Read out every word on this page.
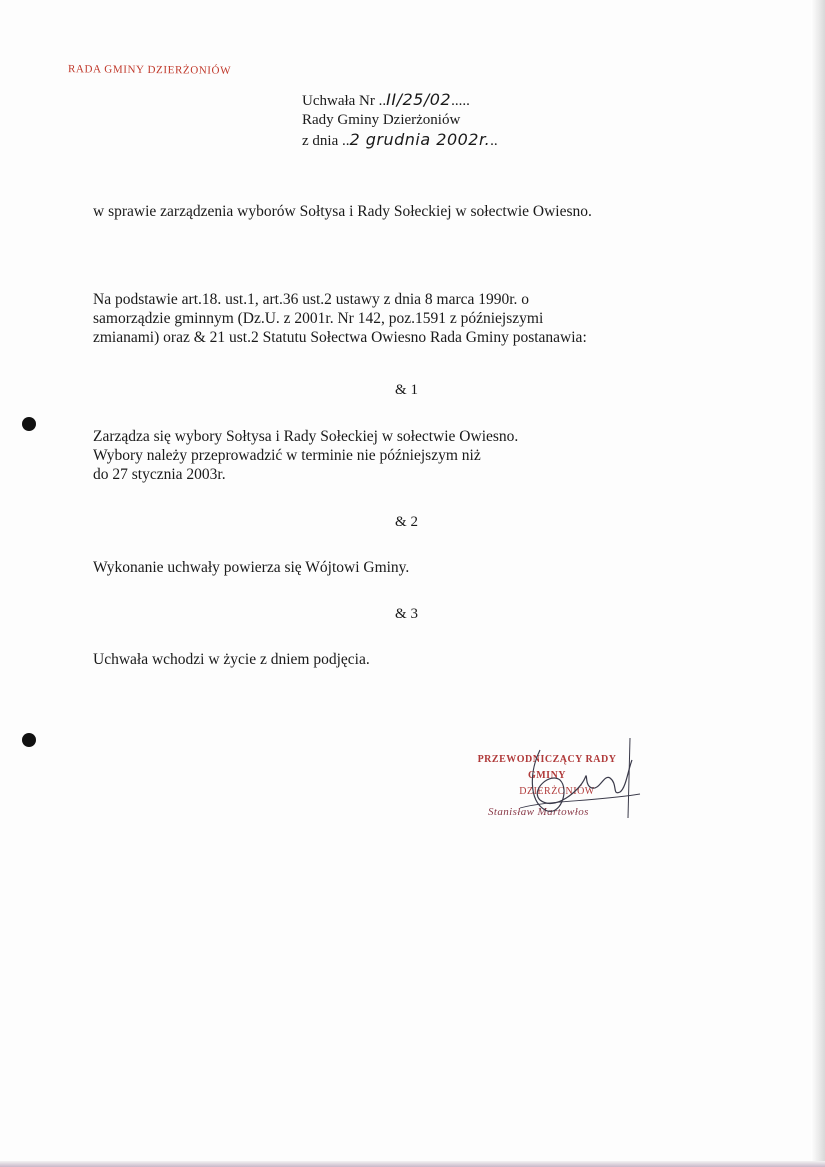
RADA GMINY DZIERŻONIÓW
Uchwała Nr ..II/25/02.....
Rady Gminy Dzierżoniów
z dnia ..2 grudnia 2002r...
w sprawie zarządzenia wyborów Sołtysa i Rady Sołeckiej w sołectwie Owiesno.
Na podstawie art.18. ust.1, art.36 ust.2 ustawy z dnia 8 marca 1990r. o
samorządzie gminnym (Dz.U. z 2001r. Nr 142, poz.1591 z późniejszymi
zmianami) oraz & 21 ust.2 Statutu Sołectwa Owiesno Rada Gminy postanawia:
& 1
Zarządza się wybory Sołtysa i Rady Sołeckiej w sołectwie Owiesno.
Wybory należy przeprowadzić w terminie nie późniejszym niż
do 27 stycznia 2003r.
& 2
Wykonanie uchwały powierza się Wójtowi Gminy.
& 3
Uchwała wchodzi w życie z dniem podjęcia.
PRZEWODNICZĄCY RADY GMINY
DZIERŻONIÓW
Stanisław Martowłos
